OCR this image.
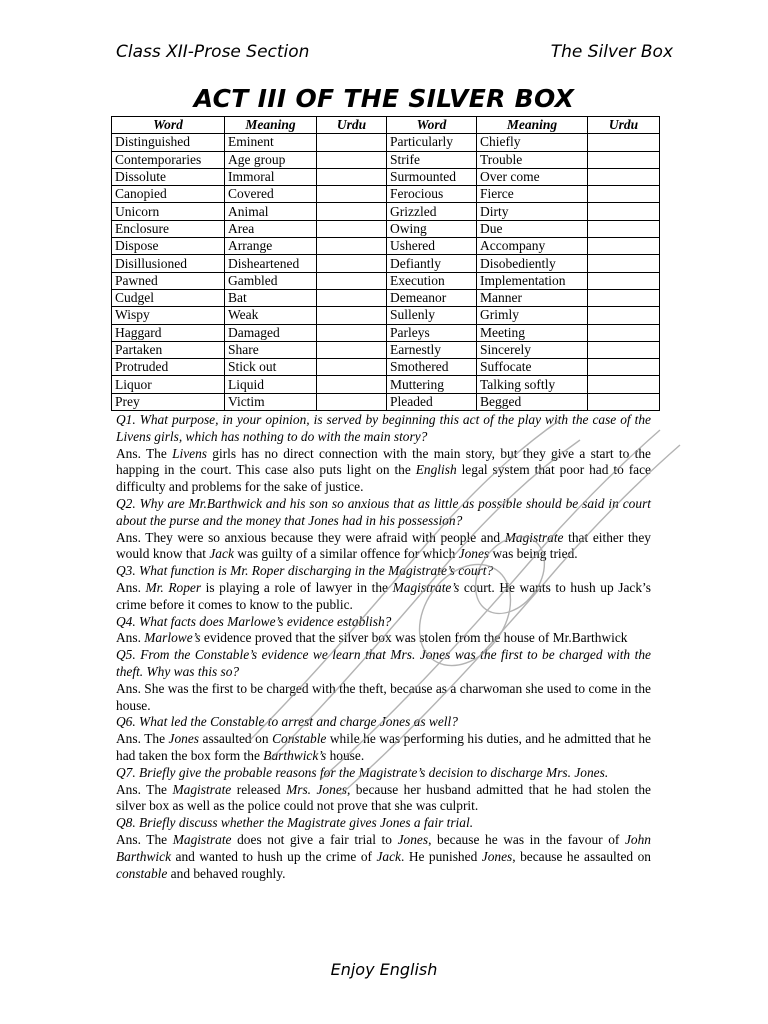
Class XII-Prose Section	The Silver Box
ACT III OF THE SILVER BOX
Word	Meaning	Urdu	Word	Meaning	Urdu
Distinguished	Eminent		Particularly	Chiefly	
Contemporaries	Age group		Strife	Trouble	
Dissolute	Immoral		Surmounted	Over come	
Canopied	Covered		Ferocious	Fierce	
Unicorn	Animal		Grizzled	Dirty	
Enclosure	Area		Owing	Due	
Dispose	Arrange		Ushered	Accompany	
Disillusioned	Disheartened		Defiantly	Disobediently	
Pawned	Gambled		Execution	Implementation	
Cudgel	Bat		Demeanor	Manner	
Wispy	Weak		Sullenly	Grimly	
Haggard	Damaged		Parleys	Meeting	
Partaken	Share		Earnestly	Sincerely	
Protruded	Stick out		Smothered	Suffocate	
Liquor	Liquid		Muttering	Talking softly	
Prey	Victim		Pleaded	Begged	

Q1. What purpose, in your opinion, is served by beginning this act of the play with the case of the Livens girls, which has nothing to do with the main story?

Ans. The Livens girls has no direct connection with the main story, but they give a start to the happing in the court. This case also puts light on the English legal system that poor had to face difficulty and problems for the sake of justice.

Q2. Why are Mr.Barthwick and his son so anxious that as little as possible should be said in court about the purse and the money that Jones had in his possession?

Ans. They were so anxious because they were afraid with people and Magistrate that either they would know that Jack was guilty of a similar offence for which Jones was being tried.

Q3. What function is Mr. Roper discharging in the Magistrate’s court?

Ans. Mr. Roper is playing a role of lawyer in the Magistrate’s court. He wants to hush up Jack’s crime before it comes to know to the public.

Q4. What facts does Marlowe’s evidence establish?

Ans. Marlowe’s evidence proved that the silver box was stolen from the house of Mr.Barthwick

Q5. From the Constable’s evidence we learn that Mrs. Jones was the first to be charged with the theft. Why was this so?

Ans. She was the first to be charged with the theft, because as a charwoman she used to come in the house.

Q6. What led the Constable to arrest and charge Jones as well?

Ans. The Jones assaulted on Constable while he was performing his duties, and he admitted that he had taken the box form the Barthwick’s house.

Q7. Briefly give the probable reasons for the Magistrate’s decision to discharge Mrs. Jones.

Ans. The Magistrate released Mrs. Jones, because her husband admitted that he had stolen the silver box as well as the police could not prove that she was culprit.

Q8. Briefly discuss whether the Magistrate gives Jones a fair trial.

Ans. The Magistrate does not give a fair trial to Jones, because he was in the favour of John Barthwick and wanted to hush up the crime of Jack. He punished Jones, because he assaulted on constable and behaved roughly.

Enjoy English
